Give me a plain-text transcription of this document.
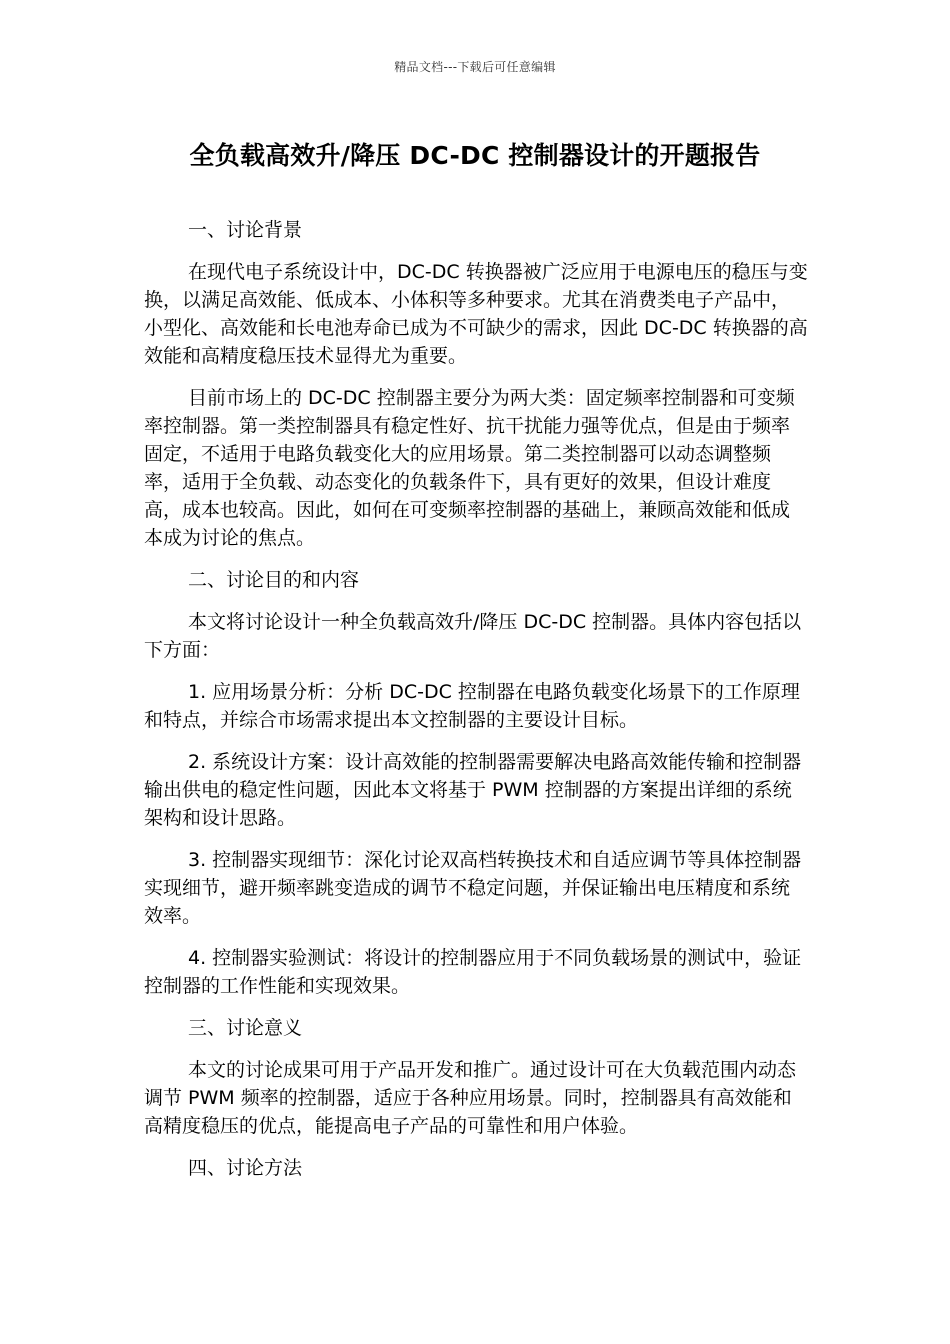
精品文档---下载后可任意编辑
全负载高效升/降压 DC-DC 控制器设计的开题报告

一、讨论背景

在现代电子系统设计中，DC-DC 转换器被广泛应用于电源电压的稳压与变换，以满足高效能、低成本、小体积等多种要求。尤其在消费类电子产品中，小型化、高效能和长电池寿命已成为不可缺少的需求，因此 DC-DC 转换器的高效能和高精度稳压技术显得尤为重要。

目前市场上的 DC-DC 控制器主要分为两大类：固定频率控制器和可变频率控制器。第一类控制器具有稳定性好、抗干扰能力强等优点，但是由于频率固定，不适用于电路负载变化大的应用场景。第二类控制器可以动态调整频率，适用于全负载、动态变化的负载条件下，具有更好的效果，但设计难度高，成本也较高。因此，如何在可变频率控制器的基础上，兼顾高效能和低成本成为讨论的焦点。

二、讨论目的和内容

本文将讨论设计一种全负载高效升/降压 DC-DC 控制器。具体内容包括以下方面：

1. 应用场景分析：分析 DC-DC 控制器在电路负载变化场景下的工作原理和特点，并综合市场需求提出本文控制器的主要设计目标。

2. 系统设计方案：设计高效能的控制器需要解决电路高效能传输和控制器输出供电的稳定性问题，因此本文将基于 PWM 控制器的方案提出详细的系统架构和设计思路。

3. 控制器实现细节：深化讨论双高档转换技术和自适应调节等具体控制器实现细节，避开频率跳变造成的调节不稳定问题，并保证输出电压精度和系统效率。

4. 控制器实验测试：将设计的控制器应用于不同负载场景的测试中，验证控制器的工作性能和实现效果。

三、讨论意义

本文的讨论成果可用于产品开发和推广。通过设计可在大负载范围内动态调节 PWM 频率的控制器，适应于各种应用场景。同时，控制器具有高效能和高精度稳压的优点，能提高电子产品的可靠性和用户体验。

四、讨论方法
